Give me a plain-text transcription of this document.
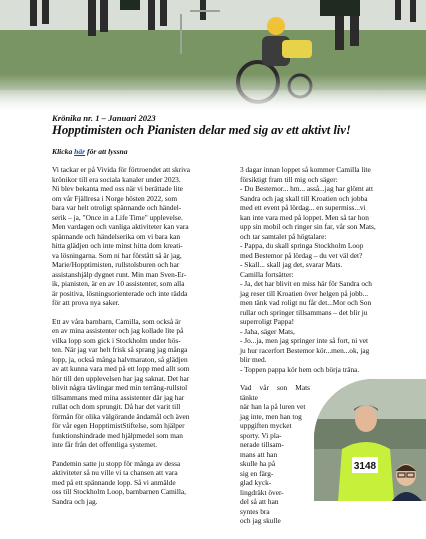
Krönika nr. 1 – Januari 2023
Hopptimisten och Pianisten delar med sig av ett aktivt liv!
Klicka här för att lyssna
Vi tackar er på Vivida för förtroendet att skriva
krönikor till era sociala kanaler under 2023.
Ni blev bekanta med oss när vi berättade lite
om vår Fjällresa i Norge hösten 2022, som
bara var helt otroligt spännande och händel-
serik – ja, "Once in a Life Time" upplevelse.
Men vardagen och vanliga aktiviteter kan vara
spännande och händelserika om vi bara kan
hitta glädjen och inte minst hitta dom kreati-
va lösningarna. Som ni har förstått så är jag,
Marie/Hopptimisten, rullstolsburen och har
assistanshjälp dygnet runt. Min man Sven-Er-
ik, pianisten, är en av 10 assistenter, som alla
är positiva, lösningsorienterade och inte rädda
för att prova nya saker.
Ett av våra barnbarn, Camilla, som också är
en av mina assistenter och jag kollade lite på
vilka lopp som gick i Stockholm under hös-
ten. När jag var helt frisk så sprang jag många
lopp, ja, också många halvmaraton, så glädjen
av att kunna vara med på ett lopp med allt som
hör till den upplevelsen har jag saknat. Det har
blivit några tävlingar med min terräng-rullstol
tillsammans med mina assistenter där jag har
rullat och dom sprungit. Då har det varit till
förmån för olika välgörande ändamål och även
för vår egen HopptimistStiftelse, som hjälper
funktionshindrade med hjälpmedel som man
inte får från det offentliga systemet.
Pandemin satte ju stopp för många av dessa
aktiviteter så nu ville vi ta chansen att vara
med på ett spännande lopp. Så vi anmälde
oss till Stockholm Loop, barnbarnen Camilla,
Sandra och jag.
3 dagar innan loppet så kommer Camilla lite
försiktigt fram till mig och säger:
- Du Bestemor... hm... asså...jag har glömt att
Sandra och jag skall till Kroatien och jobba
med ett event på lördag... en supermiss...vi
kan inte vara med på loppet. Men så tar hon
upp sin mobil och ringer sin far, vår son Mats,
och tar samtalet på högtalare:
- Pappa, du skall springa Stockholm Loop
med Bestemor på lördag – du vet väl det?
- Skall... skall jag det, svarar Mats.
Camilla fortsätter:
- Ja, det har blivit en miss här för Sandra och
jag reser till Kroatien över helgen på jobb...
men tänk vad roligt nu får det...Mor och Son
rullar och springer tillsammans – det blir ju
superroligt Pappa!
- Jaha, säger Mats,
- Jo...ja, men jag springer inte så fort, ni vet
ju hur racerfort Bestemor kör...men...ok, jag
blir med.
- Toppen pappa kör hem och börja träna.
Vad vår son Mats tänkte
när han la på luren vet
jag inte, men han tog
uppgiften mycket
sporty. Vi pla-
nerade tillsam-
mans att han
skulle ha på
sig en färg-
glad kyck-
lingdräkt över-
del så att han
syntes bra
och jag skulle
3148
